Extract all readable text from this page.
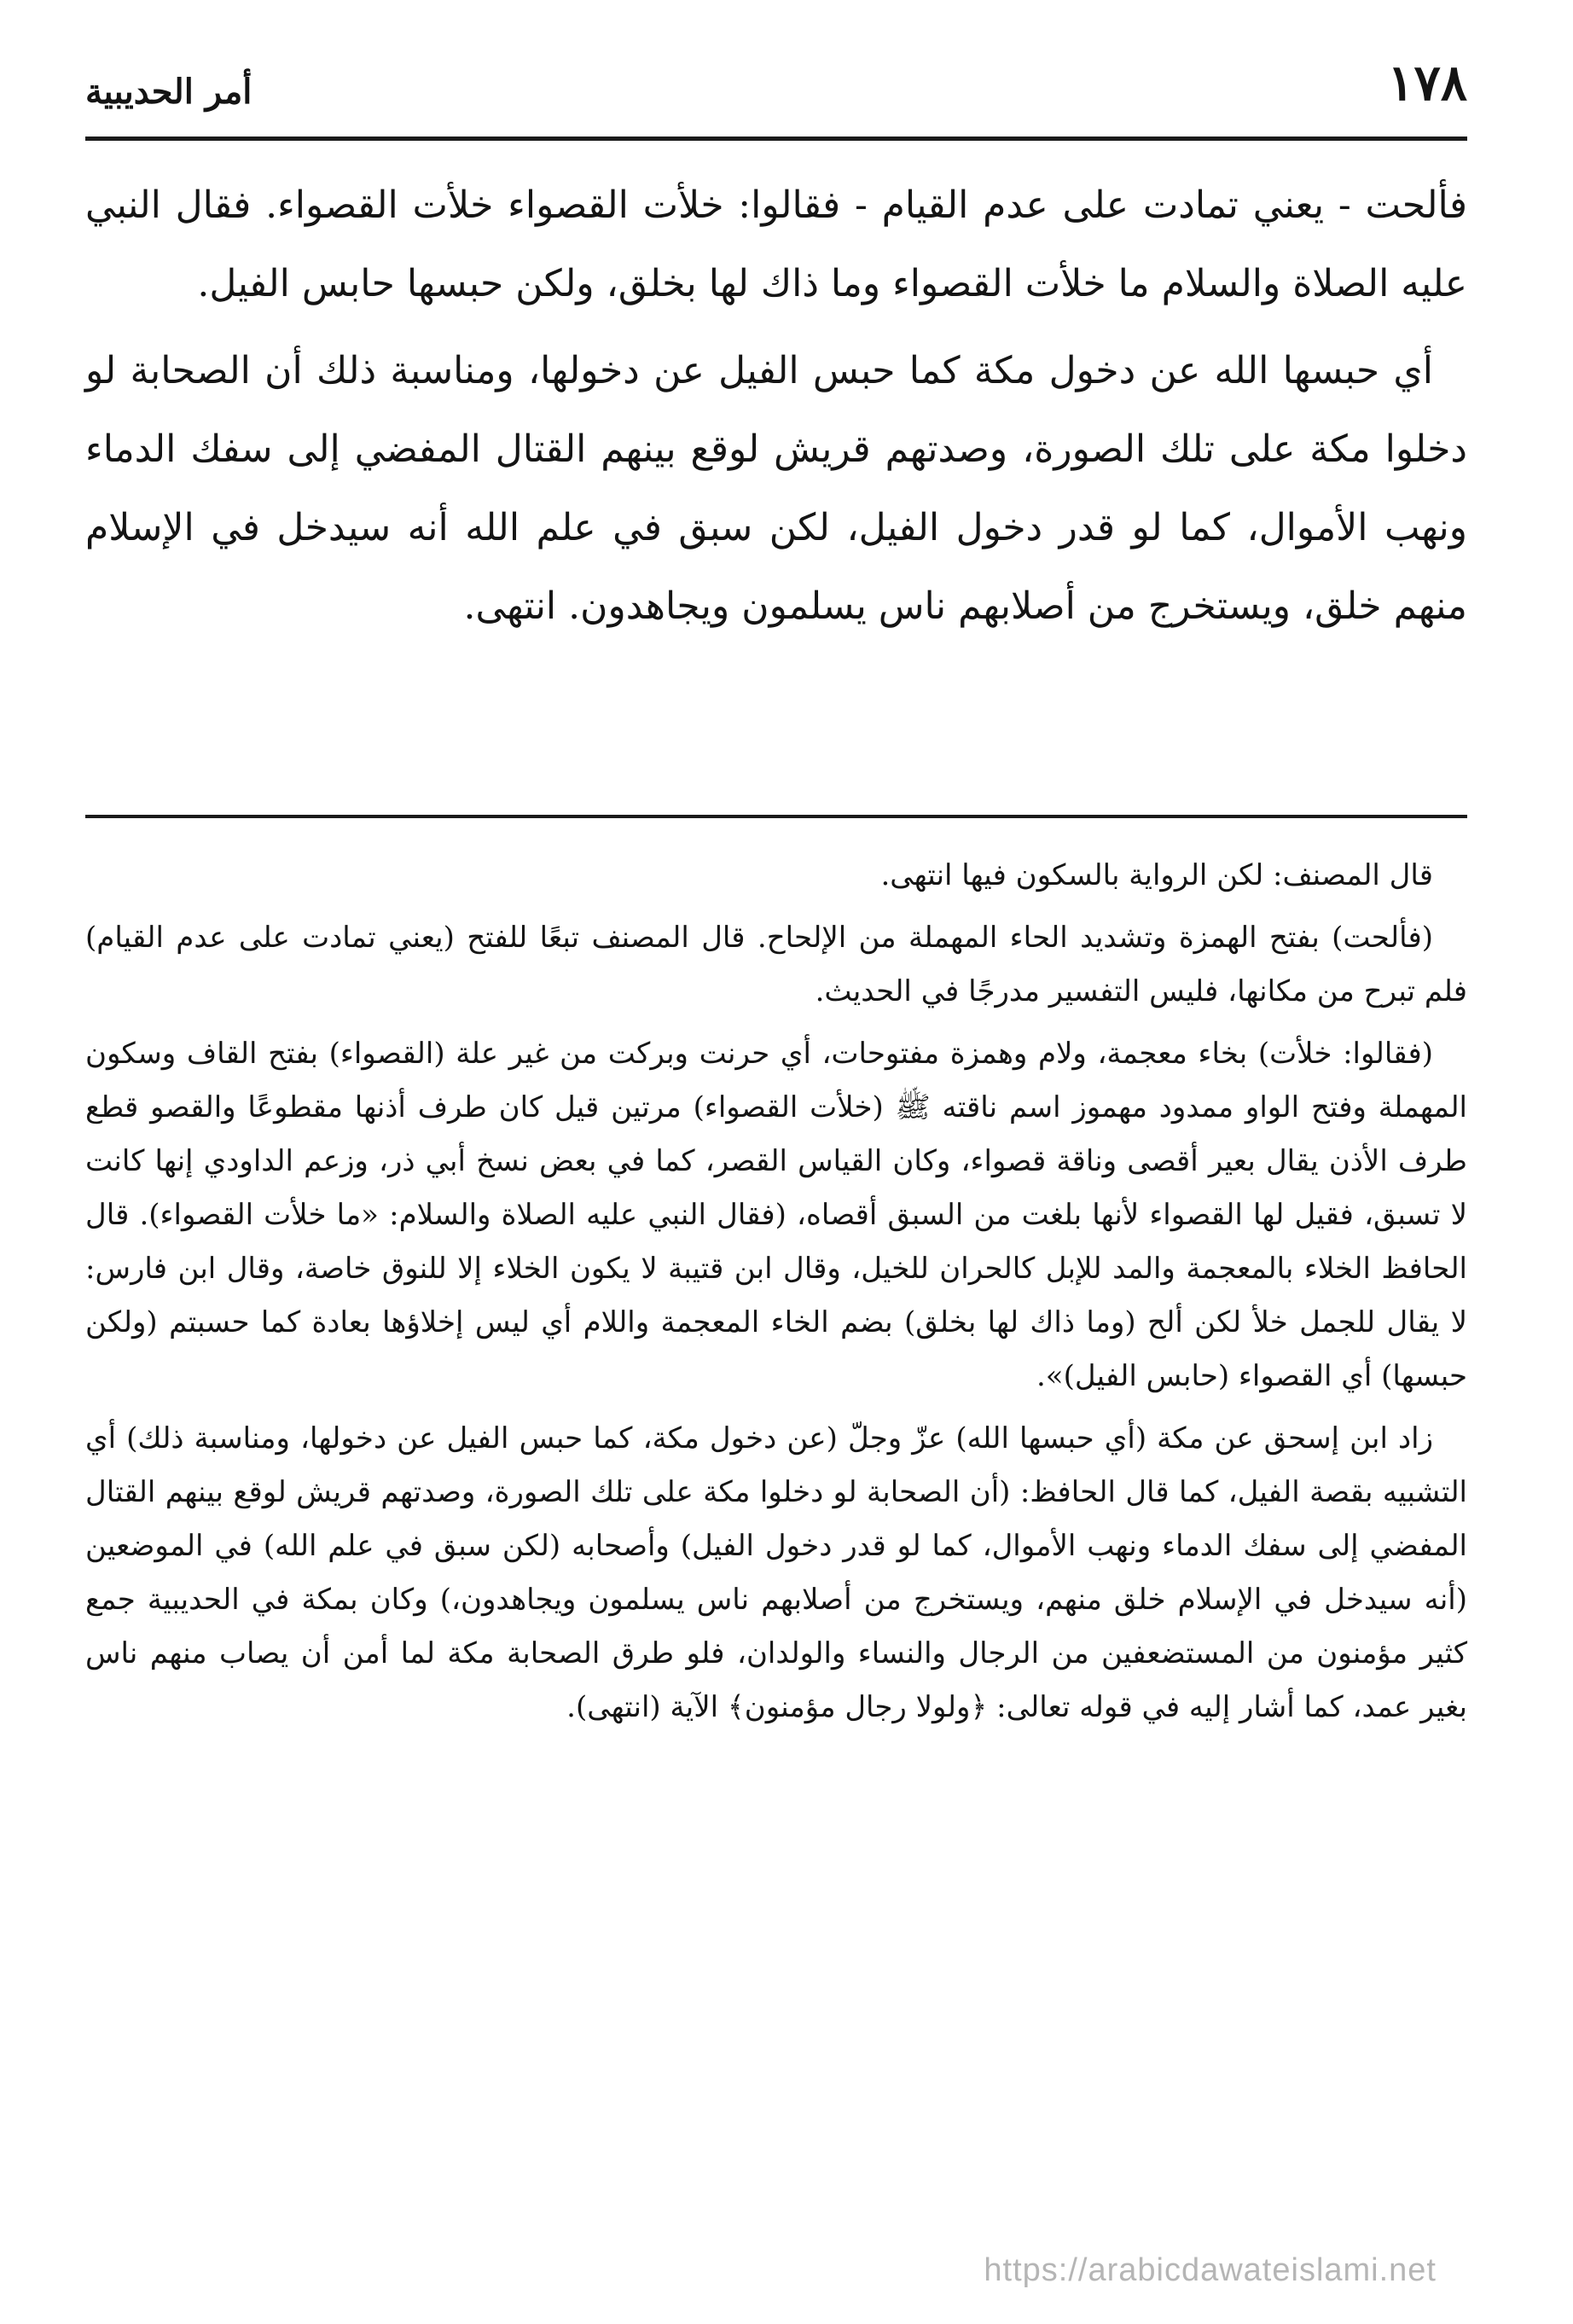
١٧٨
أمر الحديبية

فألحت - يعني تمادت على عدم القيام - فقالوا: خلأت القصواء خلأت القصواء. فقال النبي عليه الصلاة والسلام ما خلأت القصواء وما ذاك لها بخلق، ولكن حبسها حابس الفيل.

أي حبسها الله عن دخول مكة كما حبس الفيل عن دخولها، ومناسبة ذلك أن الصحابة لو دخلوا مكة على تلك الصورة، وصدتهم قريش لوقع بينهم القتال المفضي إلى سفك الدماء ونهب الأموال، كما لو قدر دخول الفيل، لكن سبق في علم الله أنه سيدخل في الإسلام منهم خلق، ويستخرج من أصلابهم ناس يسلمون ويجاهدون. انتهى.

قال المصنف: لكن الرواية بالسكون فيها انتهى.

(فألحت) بفتح الهمزة وتشديد الحاء المهملة من الإلحاح. قال المصنف تبعًا للفتح (يعني تمادت على عدم القيام) فلم تبرح من مكانها، فليس التفسير مدرجًا في الحديث.

(فقالوا: خلأت) بخاء معجمة، ولام وهمزة مفتوحات، أي حرنت وبركت من غير علة (القصواء) بفتح القاف وسكون المهملة وفتح الواو ممدود مهموز اسم ناقته ﷺ (خلأت القصواء) مرتين قيل كان طرف أذنها مقطوعًا والقصو قطع طرف الأذن يقال بعير أقصى وناقة قصواء، وكان القياس القصر، كما في بعض نسخ أبي ذر، وزعم الداودي إنها كانت لا تسبق، فقيل لها القصواء لأنها بلغت من السبق أقصاه، (فقال النبي عليه الصلاة والسلام: «ما خلأت القصواء). قال الحافظ الخلاء بالمعجمة والمد للإبل كالحران للخيل، وقال ابن قتيبة لا يكون الخلاء إلا للنوق خاصة، وقال ابن فارس: لا يقال للجمل خلأ لكن ألح (وما ذاك لها بخلق) بضم الخاء المعجمة واللام أي ليس إخلاؤها بعادة كما حسبتم (ولكن حبسها) أي القصواء (حابس الفيل)».

زاد ابن إسحق عن مكة (أي حبسها الله) عزّ وجلّ (عن دخول مكة، كما حبس الفيل عن دخولها، ومناسبة ذلك) أي التشبيه بقصة الفيل، كما قال الحافظ: (أن الصحابة لو دخلوا مكة على تلك الصورة، وصدتهم قريش لوقع بينهم القتال المفضي إلى سفك الدماء ونهب الأموال، كما لو قدر دخول الفيل) وأصحابه (لكن سبق في علم الله) في الموضعين (أنه سيدخل في الإسلام خلق منهم، ويستخرج من أصلابهم ناس يسلمون ويجاهدون،) وكان بمكة في الحديبية جمع كثير مؤمنون من المستضعفين من الرجال والنساء والولدان، فلو طرق الصحابة مكة لما أمن أن يصاب منهم ناس بغير عمد، كما أشار إليه في قوله تعالى: ﴿ولولا رجال مؤمنون﴾ الآية (انتهى).

https://arabicdawateislami.net
